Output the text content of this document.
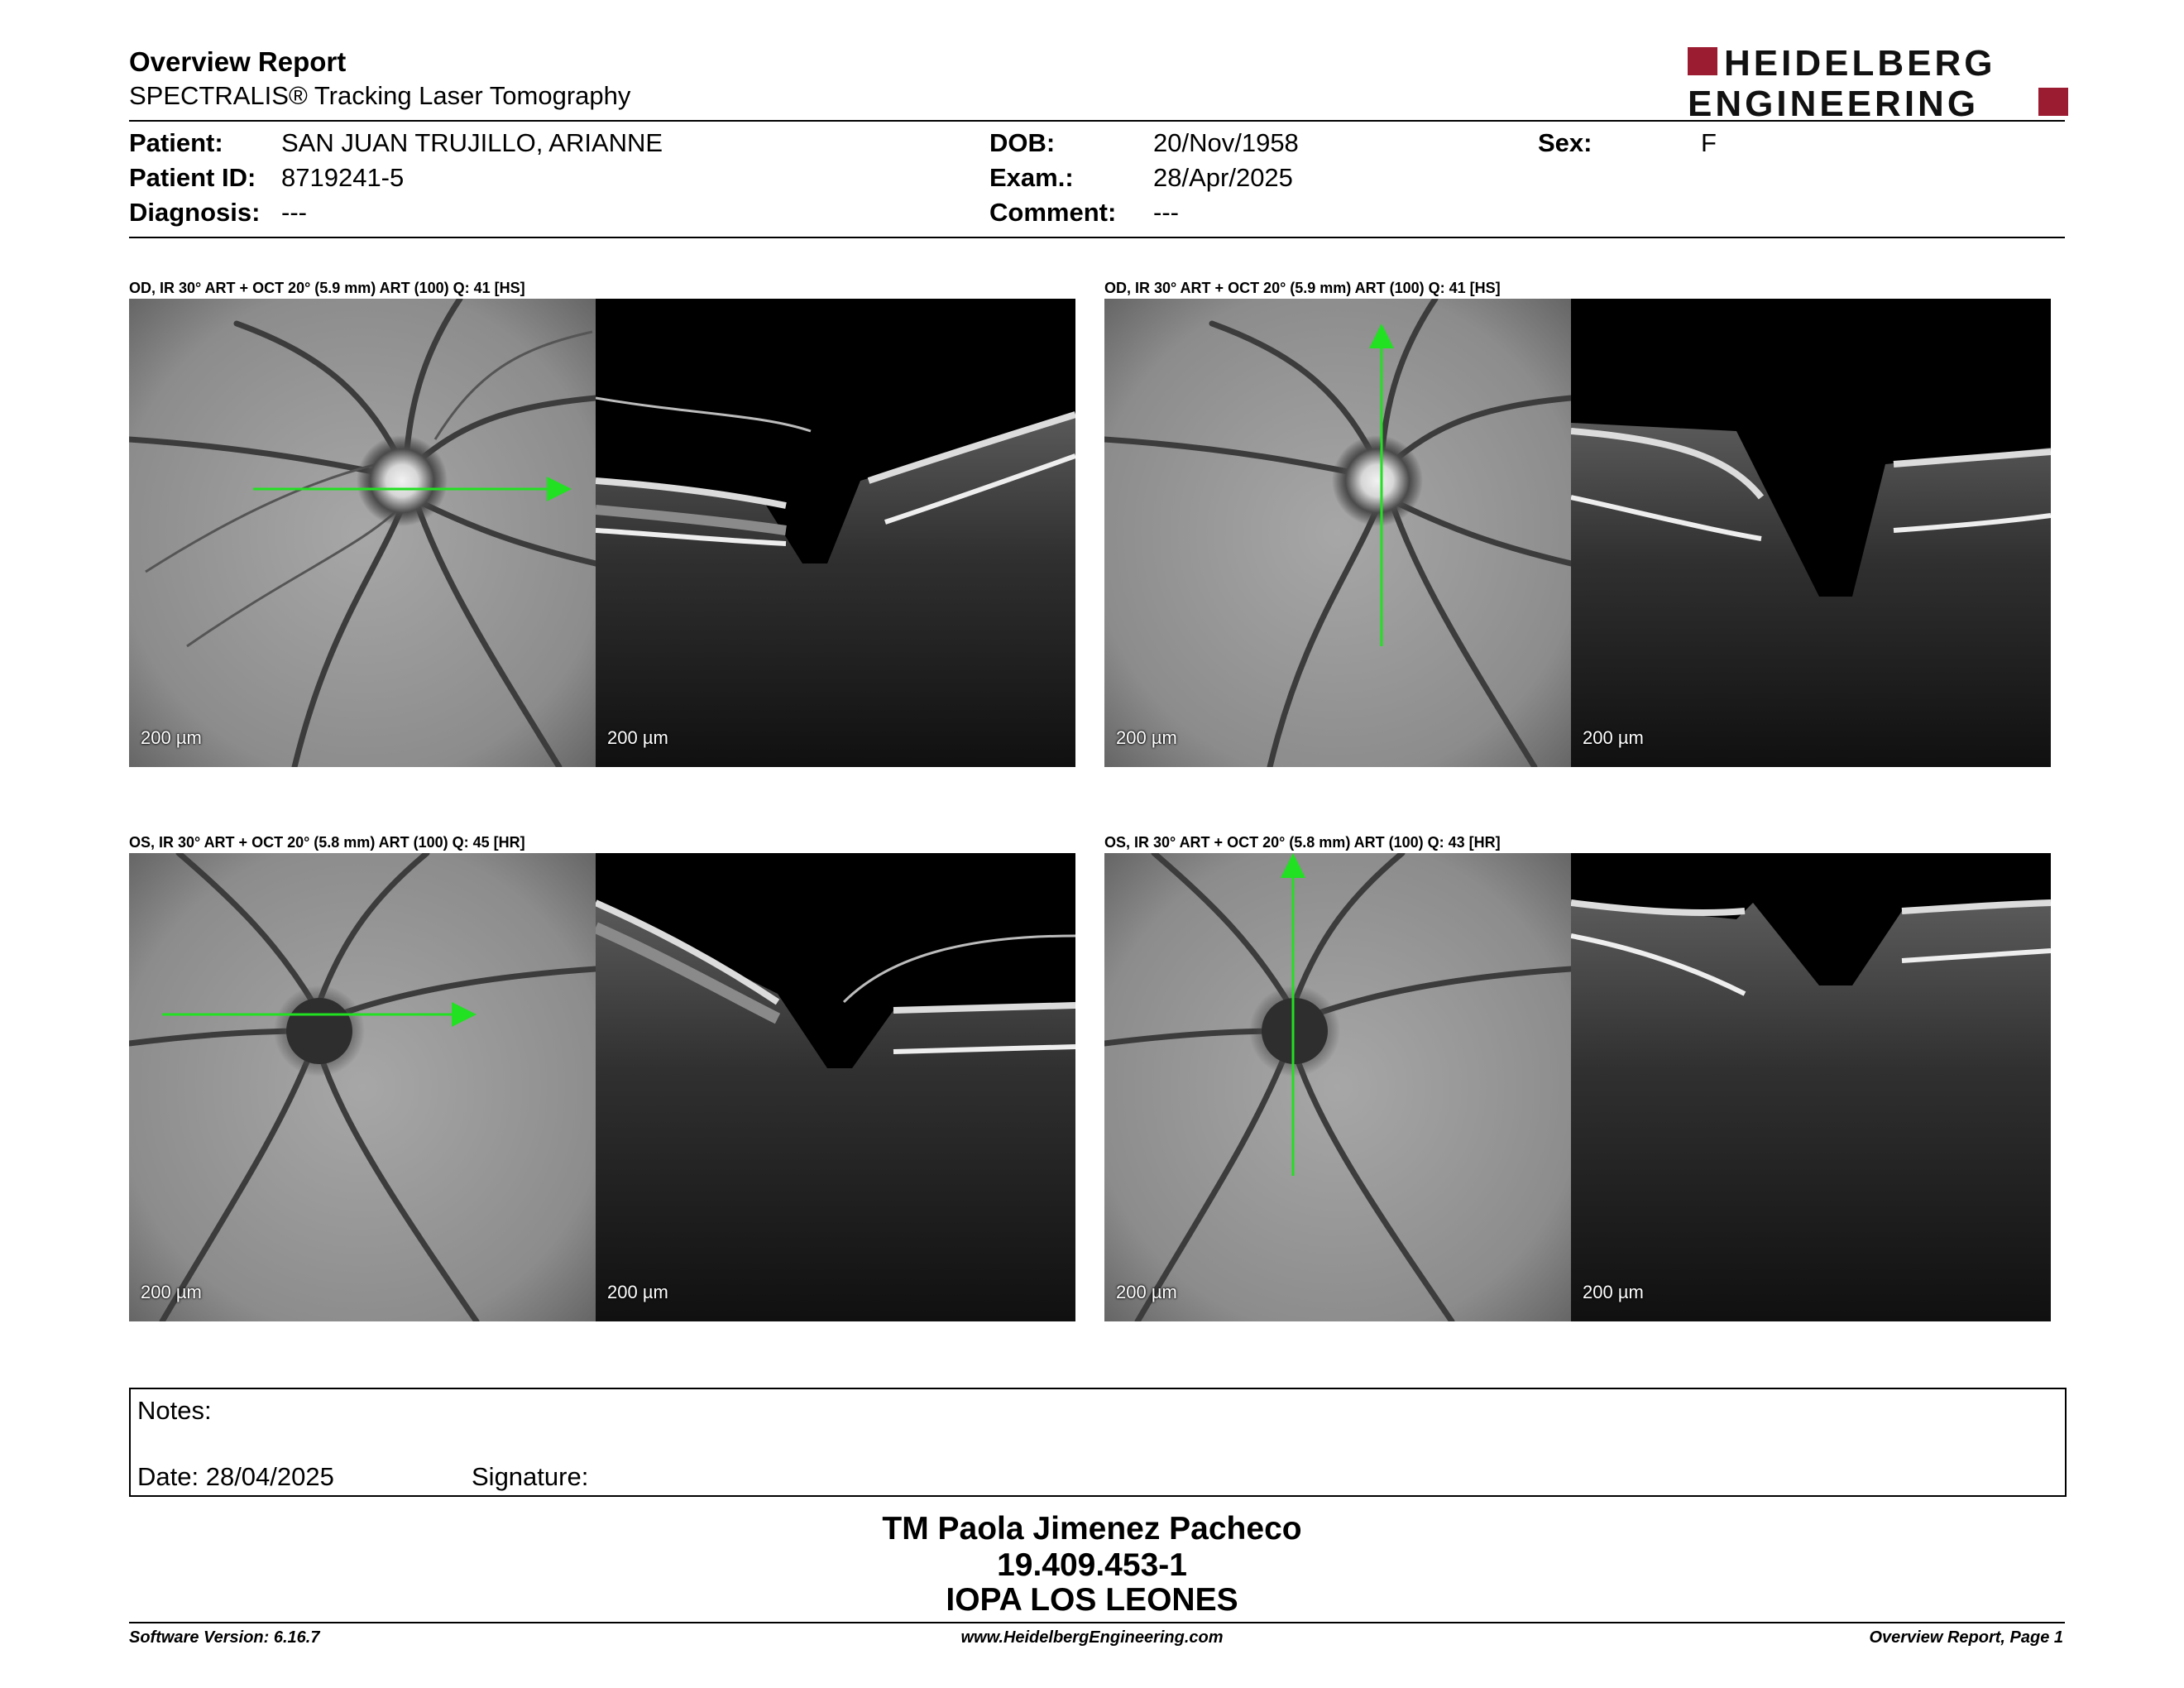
Overview Report
SPECTRALIS® Tracking Laser Tomography
HEIDELBERG
ENGINEERING
Patient: SAN JUAN TRUJILLO, ARIANNE
Patient ID: 8719241-5
Diagnosis: ---
DOB:	20/Nov/1958
Exam.:	28/Apr/2025
Comment: ---
Sex:	F
OD, IR 30° ART + OCT 20° (5.9 mm) ART (100) Q: 41 [HS]
200 µm	200 µm
OD, IR 30° ART + OCT 20° (5.9 mm) ART (100) Q: 41 [HS]
200 µm	200 µm
OS, IR 30° ART + OCT 20° (5.8 mm) ART (100) Q: 45 [HR]
200 µm	200 µm
OS, IR 30° ART + OCT 20° (5.8 mm) ART (100) Q: 43 [HR]
200 µm	200 µm
Notes:
Date: 28/04/2025	Signature:
TM Paola Jimenez Pacheco
19.409.453-1
IOPA LOS LEONES
Software Version: 6.16.7	www.HeidelbergEngineering.com	Overview Report, Page 1
